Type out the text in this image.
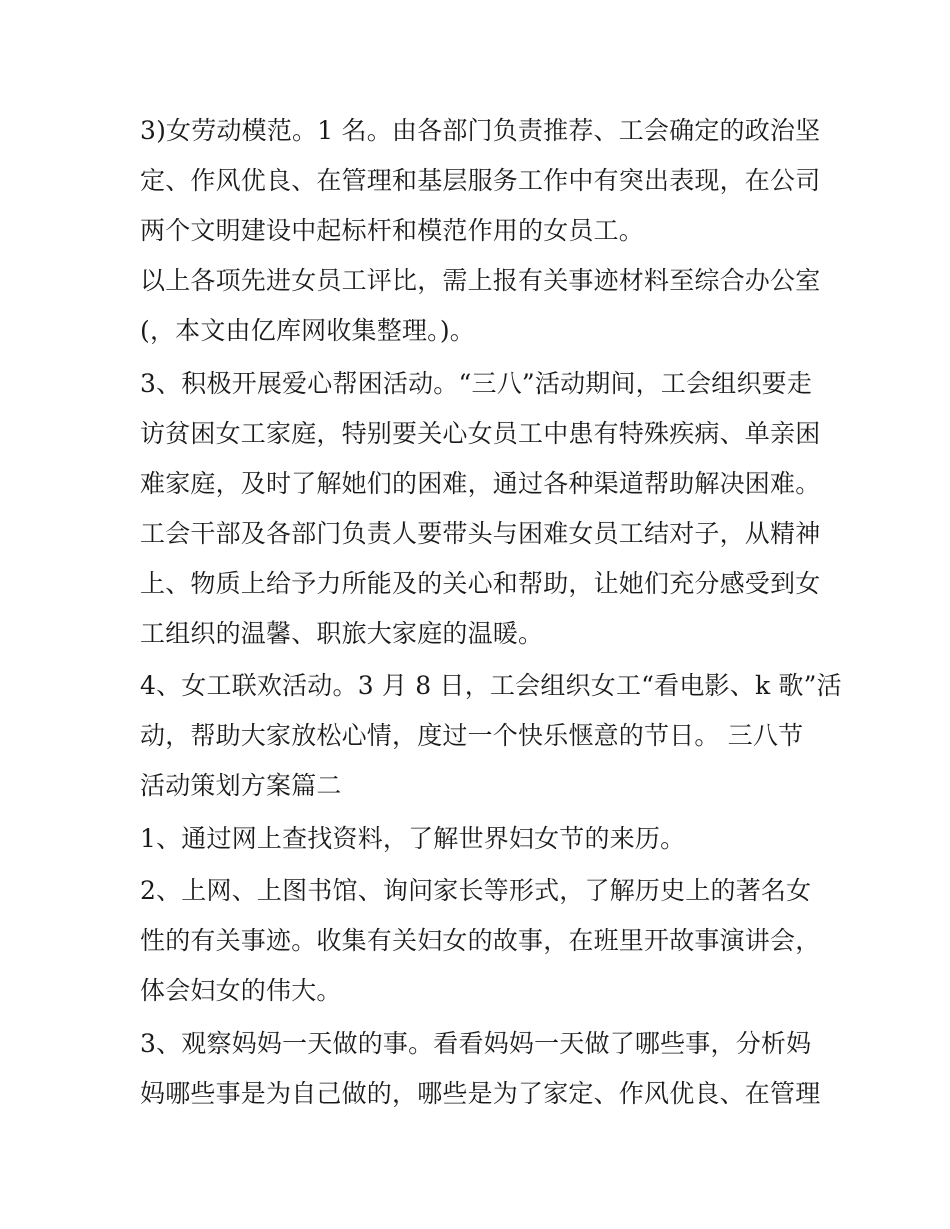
3)女劳动模范。1 名。由各部门负责推荐、工会确定的政治坚
定、作风优良、在管理和基层服务工作中有突出表现，在公司
两个文明建设中起标杆和模范作用的女员工。
以上各项先进女员工评比，需上报有关事迹材料至综合办公室
(，本文由亿库网收集整理。)。
3、积极开展爱心帮困活动。“三八”活动期间，工会组织要走
访贫困女工家庭，特别要关心女员工中患有特殊疾病、单亲困
难家庭，及时了解她们的困难，通过各种渠道帮助解决困难。
工会干部及各部门负责人要带头与困难女员工结对子，从精神
上、物质上给予力所能及的关心和帮助，让她们充分感受到女
工组织的温馨、职旅大家庭的温暖。
4、女工联欢活动。3 月 8 日，工会组织女工“看电影、k 歌”活
动，帮助大家放松心情，度过一个快乐惬意的节日。 三八节
活动策划方案篇二
1、通过网上查找资料，了解世界妇女节的来历。
2、上网、上图书馆、询问家长等形式，了解历史上的著名女
性的有关事迹。收集有关妇女的故事，在班里开故事演讲会，
体会妇女的伟大。
3、观察妈妈一天做的事。看看妈妈一天做了哪些事，分析妈
妈哪些事是为自己做的，哪些是为了家定、作风优良、在管理
